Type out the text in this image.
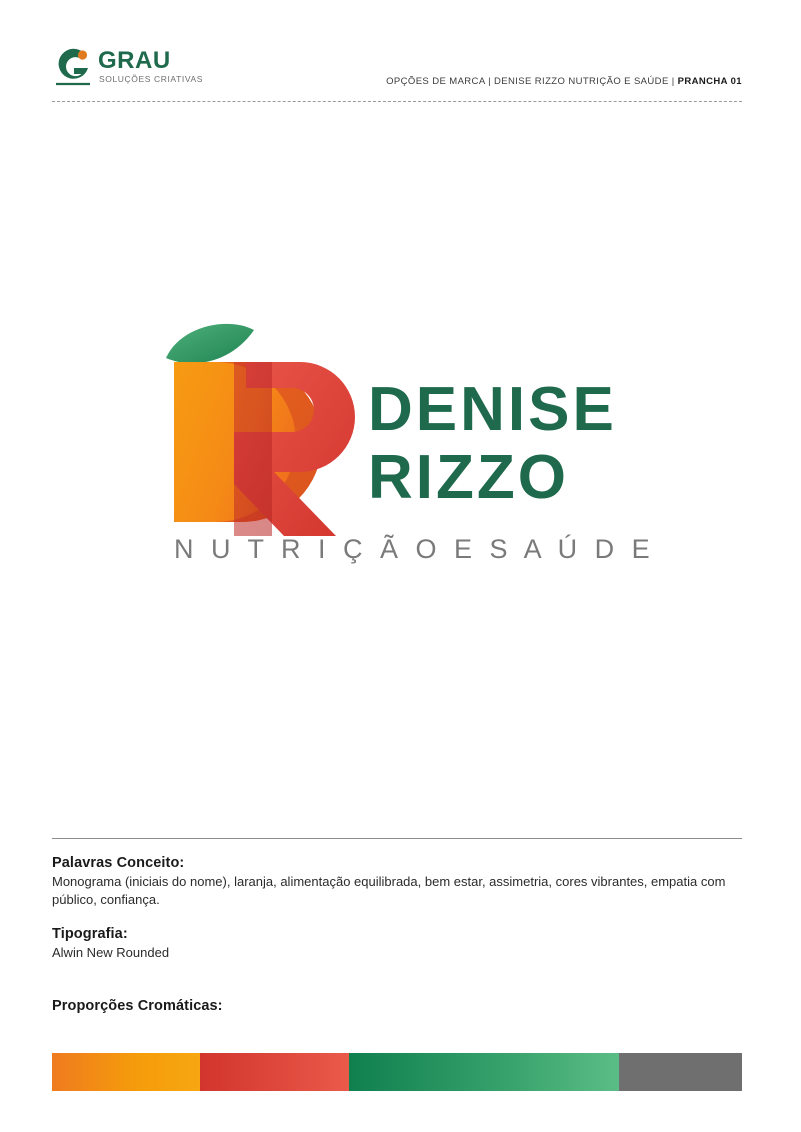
GRAU
SOLUÇÕES CRIATIVAS	OPÇÕES DE MARCA | DENISE RIZZO NUTRIÇÃO E SAÚDE | PRANCHA 01
DENISE
RIZZO
N U T R I Ç Ã O E S A Ú D E
Palavras Conceito:

Monograma (iniciais do nome), laranja, alimentação equilibrada, bem estar, assimetria, cores vibrantes, empatia com público, confiança.

Tipografia:

Alwin New Rounded

Proporções Cromáticas:
